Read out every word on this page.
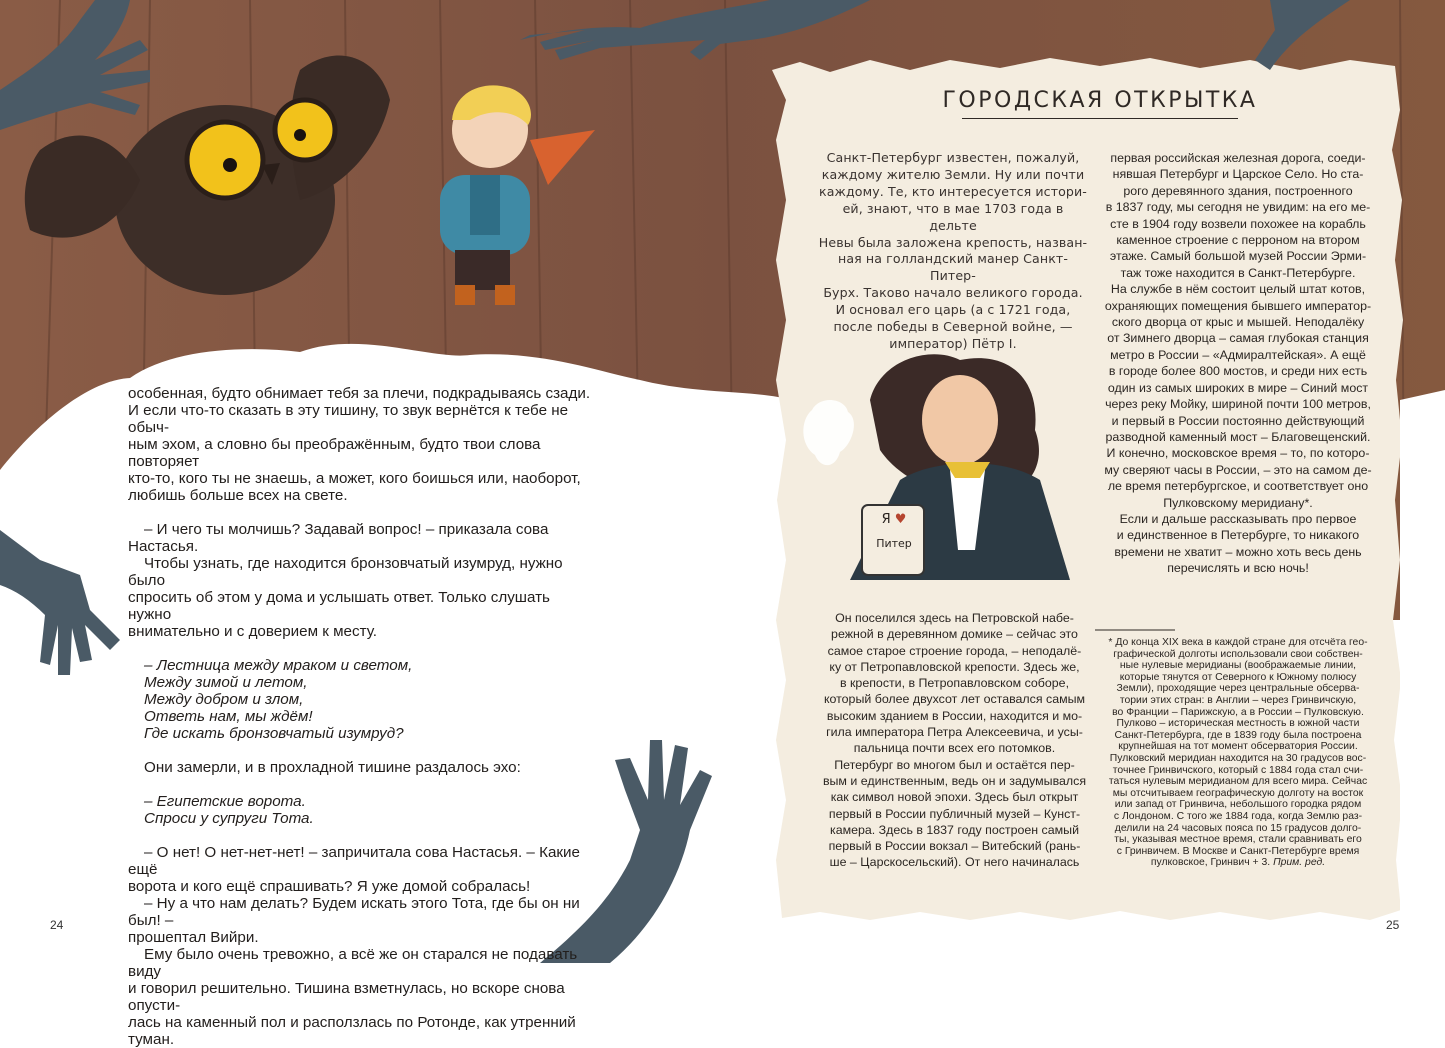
особенная, будто обнимает тебя за плечи, подкрадываясь сзади.

И если что-то сказать в эту тишину, то звук вернётся к тебе не обыч-

ным эхом, а словно бы преображённым, будто твои слова повторяет

кто-то, кого ты не знаешь, а может, кого боишься или, наоборот,

любишь больше всех на свете.

– И чего ты молчишь? Задавай вопрос! – приказала сова Настасья.

Чтобы узнать, где находится бронзовчатый изумруд, нужно было

спросить об этом у дома и услышать ответ. Только слушать нужно

внимательно и с доверием к месту.

– Лестница между мраком и светом,

Между зимой и летом,

Между добром и злом,

Ответь нам, мы ждём!

Где искать бронзовчатый изумруд?

Они замерли, и в прохладной тишине раздалось эхо:

– Египетские ворота.

Спроси у супруги Тота.

– О нет! О нет-нет-нет! – запричитала сова Настасья. – Какие ещё

ворота и кого ещё спрашивать? Я уже домой собралась!

– Ну а что нам делать? Будем искать этого Тота, где бы он ни был! –

прошептал Вийри.

Ему было очень тревожно, а всё же он старался не подавать виду

и говорил решительно. Тишина взметнулась, но вскоре снова опусти-

лась на каменный пол и расползлась по Ротонде, как утренний туман.

24
ГОРОДСКАЯ ОТКРЫТКА

Санкт-Петербург известен, пожалуй,

каждому жителю Земли. Ну или почти

каждому. Те, кто интересуется истори-

ей, знают, что в мае 1703 года в дельте

Невы была заложена крепость, назван-

ная на голландский манер Санкт-Питер-

Бурх. Таково начало великого города.

И основал его царь (а с 1721 года,

после победы в Северной войне, —

император) Пётр I.

Я ♥
Питер

Он поселился здесь на Петровской набе-

режной в деревянном домике – сейчас это

самое старое строение города, – неподалё-

ку от Петропавловской крепости. Здесь же,

в крепости, в Петропавловском соборе,

который более двухсот лет оставался самым

высоким зданием в России, находится и мо-

гила императора Петра Алексеевича, и усы-

пальница почти всех его потомков.

Петербург во многом был и остаётся пер-

вым и единственным, ведь он и задумывался

как символ новой эпохи. Здесь был открыт

первый в России публичный музей – Кунст-

камера. Здесь в 1837 году построен самый

первый в России вокзал – Витебский (рань-

ше – Царскосельский). От него начиналась

первая российская железная дорога, соеди-

нявшая Петербург и Царское Село. Но ста-

рого деревянного здания, построенного

в 1837 году, мы сегодня не увидим: на его ме-

сте в 1904 году возвели похожее на корабль

каменное строение с перроном на втором

этаже. Самый большой музей России Эрми-

таж тоже находится в Санкт-Петербурге.

На службе в нём состоит целый штат котов,

охраняющих помещения бывшего император-

ского дворца от крыс и мышей. Неподалёку

от Зимнего дворца – самая глубокая станция

метро в России – «Адмиралтейская». А ещё

в городе более 800 мостов, и среди них есть

один из самых широких в мире – Синий мост

через реку Мойку, шириной почти 100 метров,

и первый в России постоянно действующий

разводной каменный мост – Благовещенский.

И конечно, московское время – то, по которо-

му сверяют часы в России, – это на самом де-

ле время петербургское, и соответствует оно

Пулковскому меридиану*.

Если и дальше рассказывать про первое

и единственное в Петербурге, то никакого

времени не хватит – можно хоть весь день

перечислять и всю ночь!

* До конца XIX века в каждой стране для отсчёта гео-

графической долготы использовали свои собствен-

ные нулевые меридианы (воображаемые линии,

которые тянутся от Северного к Южному полюсу

Земли), проходящие через центральные обсерва-

тории этих стран: в Англии – через Гринвичскую,

во Франции – Парижскую, а в России – Пулковскую.

Пулково – историческая местность в южной части

Санкт-Петербурга, где в 1839 году была построена

крупнейшая на тот момент обсерватория России.

Пулковский меридиан находится на 30 градусов вос-

точнее Гринвичского, который с 1884 года стал счи-

таться нулевым меридианом для всего мира. Сейчас

мы отсчитываем географическую долготу на восток

или запад от Гринвича, небольшого городка рядом

с Лондоном. С того же 1884 года, когда Землю раз-

делили на 24 часовых пояса по 15 градусов долго-

ты, указывая местное время, стали сравнивать его

с Гринвичем. В Москве и Санкт-Петербурге время

пулковское, Гринвич + 3. Прим. ред.

25
